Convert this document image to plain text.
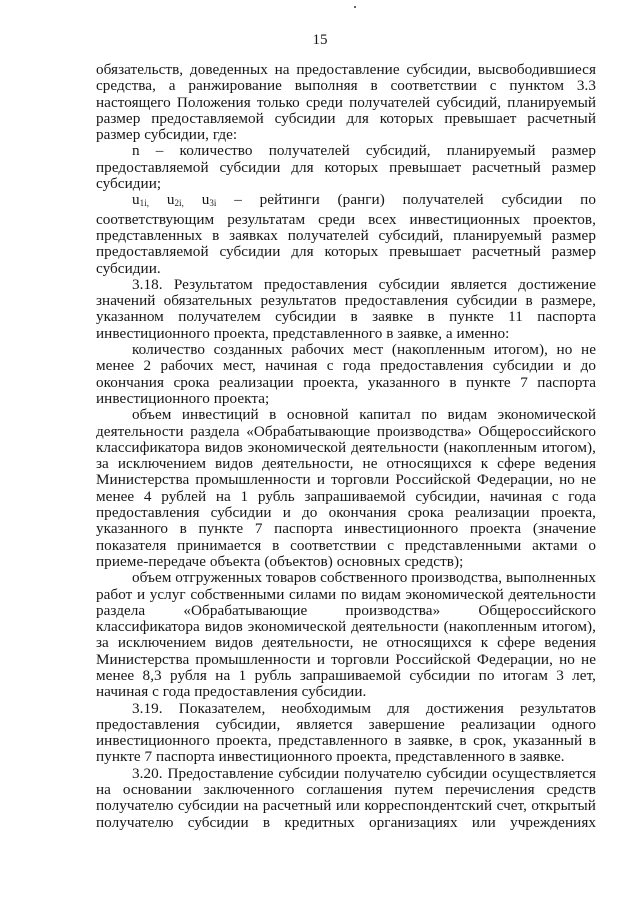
15

обязательств, доведенных на предоставление субсидии, высвободившиеся средства, а ранжирование выполняя в соответствии с пунктом 3.3 настоящего Положения только среди получателей субсидий, планируемый размер предоставляемой субсидии для которых превышает расчетный размер субсидии, где:

n – количество получателей субсидий, планируемый размер предоставляемой субсидии для которых превышает расчетный размер субсидии;

$u_{1i,}$ $u_{2i,}$ $u_{3i}$ – рейтинги (ранги) получателей субсидии по соответствующим результатам среди всех инвестиционных проектов, представленных в заявках получателей субсидий, планируемый размер предоставляемой субсидии для которых превышает расчетный размер субсидии.

3.18. Результатом предоставления субсидии является достижение значений обязательных результатов предоставления субсидии в размере, указанном получателем субсидии в заявке в пункте 11 паспорта инвестиционного проекта, представленного в заявке, а именно:

количество созданных рабочих мест (накопленным итогом), но не менее 2 рабочих мест, начиная с года предоставления субсидии и до окончания срока реализации проекта, указанного в пункте 7 паспорта инвестиционного проекта;

объем инвестиций в основной капитал по видам экономической деятельности раздела «Обрабатывающие производства» Общероссийского классификатора видов экономической деятельности (накопленным итогом), за исключением видов деятельности, не относящихся к сфере ведения Министерства промышленности и торговли Российской Федерации, но не менее 4 рублей на 1 рубль запрашиваемой субсидии, начиная с года предоставления субсидии и до окончания срока реализации проекта, указанного в пункте 7 паспорта инвестиционного проекта (значение показателя принимается в соответствии с представленными актами о приеме-передаче объекта (объектов) основных средств);

объем отгруженных товаров собственного производства, выполненных работ и услуг собственными силами по видам экономической деятельности раздела «Обрабатывающие производства» Общероссийского классификатора видов экономической деятельности (накопленным итогом), за исключением видов деятельности, не относящихся к сфере ведения Министерства промышленности и торговли Российской Федерации, но не менее 8,3 рубля на 1 рубль запрашиваемой субсидии по итогам 3 лет, начиная с года предоставления субсидии.

3.19. Показателем, необходимым для достижения результатов предоставления субсидии, является завершение реализации одного инвестиционного проекта, представленного в заявке, в срок, указанный в пункте 7 паспорта инвестиционного проекта, представленного в заявке.

3.20. Предоставление субсидии получателю субсидии осуществляется на основании заключенного соглашения путем перечисления средств получателю субсидии на расчетный или корреспондентский счет, открытый получателю субсидии в кредитных организациях или учреждениях
